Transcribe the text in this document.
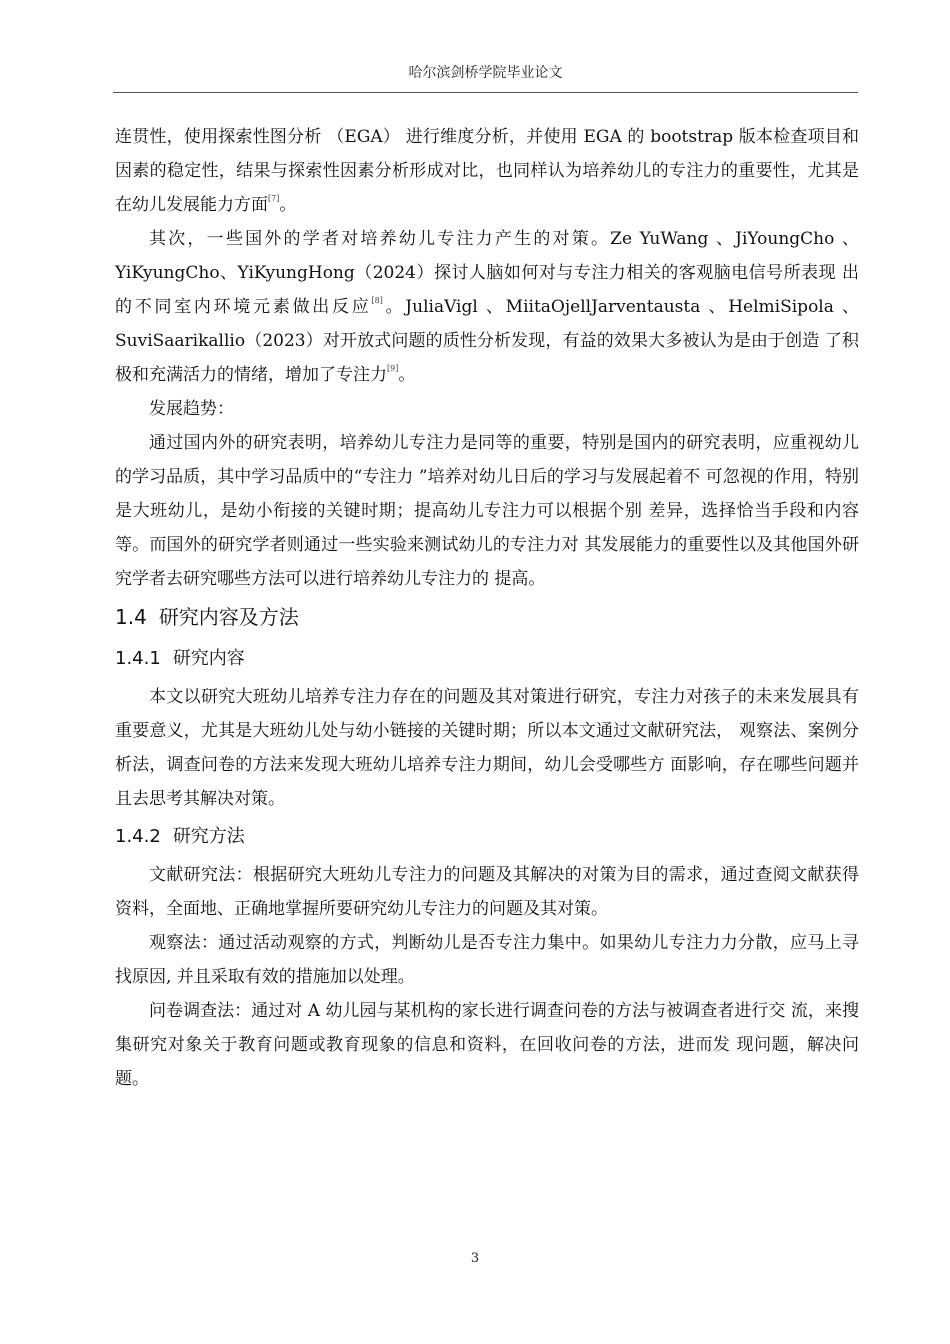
哈尔滨剑桥学院毕业论文

连贯性，使用探索性图分析 （EGA） 进行维度分析，并使用 EGA 的 bootstrap 版本检查项目和因素的稳定性，结果与探索性因素分析形成对比，也同样认为培养幼儿的专注力的重要性，尤其是在幼儿发展能力方面[7]。

其次，一些国外的学者对培养幼儿专注力产生的对策。Ze YuWang 、JiYoungCho 、 YiKyungCho、YiKyungHong（2024）探讨人脑如何对与专注力相关的客观脑电信号所表现 出的不同室内环境元素做出反应[8]。JuliaVigl 、MiitaOjellJarventausta 、HelmiSipola 、 SuviSaarikallio（2023）对开放式问题的质性分析发现，有益的效果大多被认为是由于创造 了积极和充满活力的情绪，增加了专注力[9]。

发展趋势：

通过国内外的研究表明，培养幼儿专注力是同等的重要，特别是国内的研究表明，应重视幼儿的学习品质，其中学习品质中的“专注力 ”培养对幼儿日后的学习与发展起着不 可忽视的作用，特别是大班幼儿，是幼小衔接的关键时期；提高幼儿专注力可以根据个别 差异，选择恰当手段和内容等。而国外的研究学者则通过一些实验来测试幼儿的专注力对 其发展能力的重要性以及其他国外研究学者去研究哪些方法可以进行培养幼儿专注力的 提高。

1.4 研究内容及方法
1.4.1 研究内容

本文以研究大班幼儿培养专注力存在的问题及其对策进行研究，专注力对孩子的未来发展具有重要意义，尤其是大班幼儿处与幼小链接的关键时期；所以本文通过文献研究法， 观察法、案例分析法，调查问卷的方法来发现大班幼儿培养专注力期间，幼儿会受哪些方 面影响，存在哪些问题并且去思考其解决对策。

1.4.2 研究方法

文献研究法：根据研究大班幼儿专注力的问题及其解决的对策为目的需求，通过查阅文献获得资料，全面地、正确地掌握所要研究幼儿专注力的问题及其对策。

观察法：通过活动观察的方式，判断幼儿是否专注力集中。如果幼儿专注力力分散，应马上寻找原因, 并且采取有效的措施加以处理。

问卷调查法：通过对 A 幼儿园与某机构的家长进行调查问卷的方法与被调查者进行交 流，来搜集研究对象关于教育问题或教育现象的信息和资料，在回收问卷的方法，进而发 现问题，解决问题。

3
